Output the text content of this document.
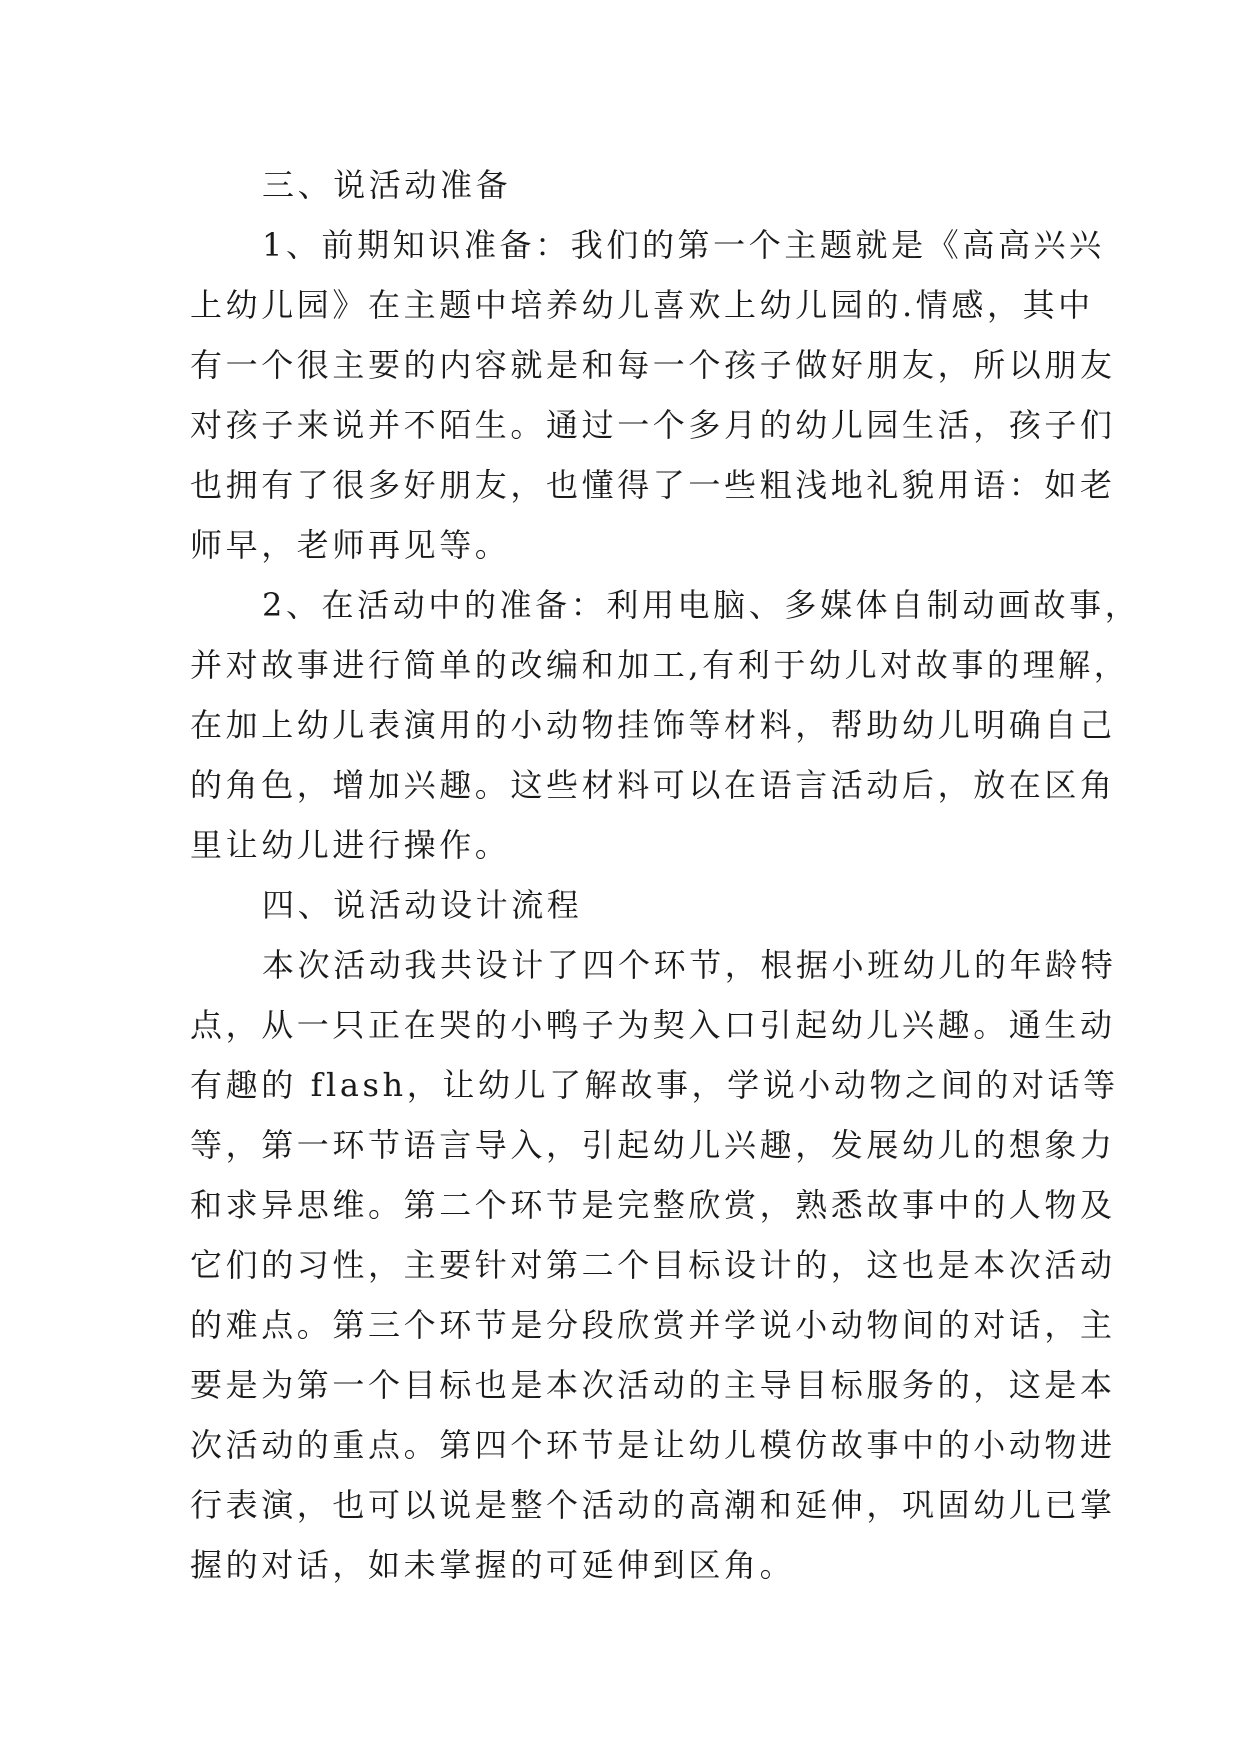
三、说活动准备
1、前期知识准备：我们的第一个主题就是《高高兴兴
上幼儿园》在主题中培养幼儿喜欢上幼儿园的.情感，其中
有一个很主要的内容就是和每一个孩子做好朋友，所以朋友
对孩子来说并不陌生。通过一个多月的幼儿园生活，孩子们
也拥有了很多好朋友，也懂得了一些粗浅地礼貌用语：如老
师早，老师再见等。
2、在活动中的准备：利用电脑、多媒体自制动画故事，
并对故事进行简单的改编和加工,有利于幼儿对故事的理解，
在加上幼儿表演用的小动物挂饰等材料，帮助幼儿明确自己
的角色，增加兴趣。这些材料可以在语言活动后，放在区角
里让幼儿进行操作。
四、说活动设计流程
本次活动我共设计了四个环节，根据小班幼儿的年龄特
点，从一只正在哭的小鸭子为契入口引起幼儿兴趣。通生动
有趣的 flash，让幼儿了解故事，学说小动物之间的对话等
等，第一环节语言导入，引起幼儿兴趣，发展幼儿的想象力
和求异思维。第二个环节是完整欣赏，熟悉故事中的人物及
它们的习性，主要针对第二个目标设计的，这也是本次活动
的难点。第三个环节是分段欣赏并学说小动物间的对话，主
要是为第一个目标也是本次活动的主导目标服务的，这是本
次活动的重点。第四个环节是让幼儿模仿故事中的小动物进
行表演，也可以说是整个活动的高潮和延伸，巩固幼儿已掌
握的对话，如未掌握的可延伸到区角。
